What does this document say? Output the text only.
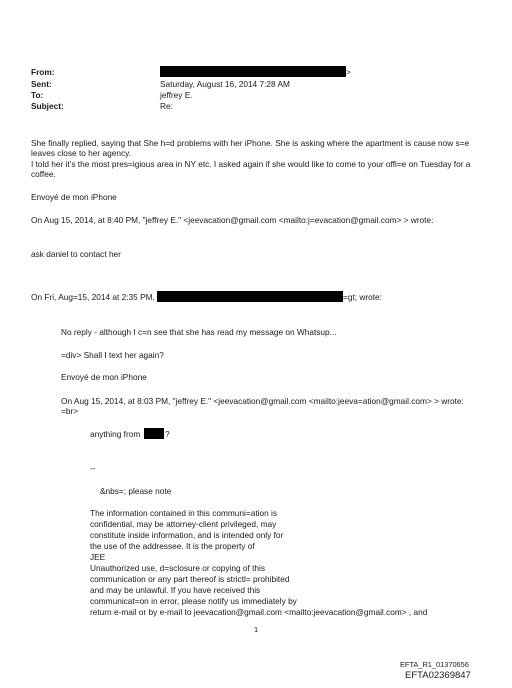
From:	>
Sent:	Saturday, August 16, 2014 7:28 AM
To:	jeffrey E.
Subject:	Re:
She finally replied, saying that She h=d problems with her iPhone. She is asking where the apartment is cause now s=e
leaves close to her agency.
I told her it's the most pres=igious area in NY etc. I asked again if she would like to come to your offi=e on Tuesday for a
coffee.
Envoyé de mon iPhone
On Aug 15, 2014, at 8:40 PM, "jeffrey E." <jeevacation@gmail.com <mailto:j=evacation@gmail.com> > wrote:
ask daniel to contact her
On Fri, Aug=15, 2014 at 2:35 PM,	=gt; wrote:
No reply - although I c=n see that she has read my message on Whatsup...
=div> Shall I text her again?
Envoyé de mon iPhone
On Aug 15, 2014, at 8:03 PM, "jeffrey E." <jeevacation@gmail.com <mailto:jeeva=ation@gmail.com> > wrote:
=br>
anything from	?
--
&nbs=; please note
The information contained in this communi=ation is
confidential, may be attorney-client privileged, may
constitute inside information, and is intended only for
the use of the addressee. It is the property of
JEE
Unauthorized use, d=sclosure or copying of this
communication or any part thereof is strictl= prohibited
and may be unlawful. If you have received this
communicat=on in error, please notify us immediately by
return e-mail or by e-mail to jeevacation@gmail.com <mailto:jeevacation@gmail.com> , and
1
EFTA_R1_01370656
EFTA02369847
